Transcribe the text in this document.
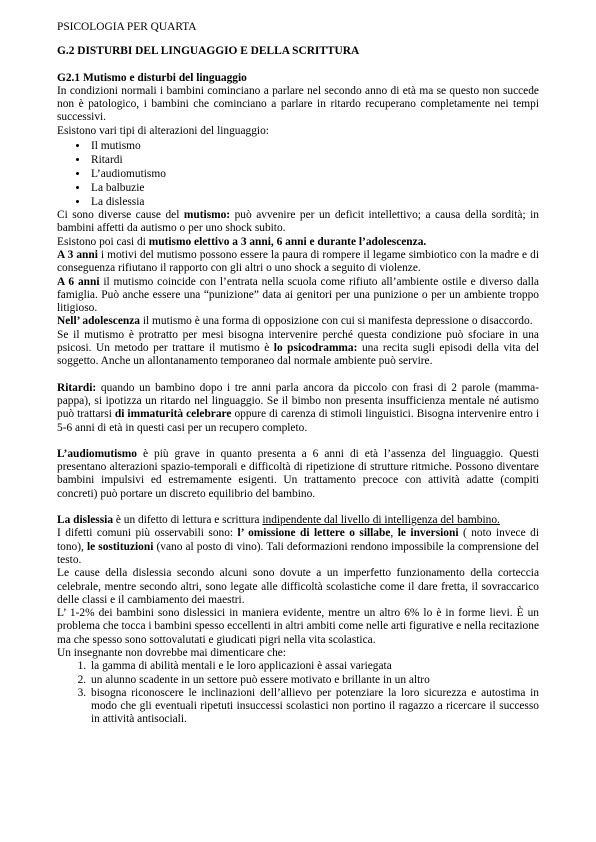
PSICOLOGIA PER QUARTA

G.2 DISTURBI DEL LINGUAGGIO E DELLA SCRITTURA

G2.1 Mutismo e disturbi del linguaggio

In condizioni normali i bambini cominciano a parlare nel secondo anno di età ma se questo non succede non è patologico, i bambini che cominciano a parlare in ritardo recuperano completamente nei tempi successivi.

Esistono vari tipi di alterazioni del linguaggio:

• Il mutismo
• Ritardi
• L’audiomutismo
• La balbuzie
• La dislessia

Ci sono diverse cause del mutismo: può avvenire per un deficit intellettivo; a causa della sordità; in bambini affetti da autismo o per uno shock subito.

Esistono poi casi di mutismo elettivo a 3 anni, 6 anni e durante l’adolescenza.

A 3 anni i motivi del mutismo possono essere la paura di rompere il legame simbiotico con la madre e di conseguenza rifiutano il rapporto con gli altri o uno shock a seguito di violenze.

A 6 anni il mutismo coincide con l’entrata nella scuola come rifiuto all’ambiente ostile e diverso dalla famiglia. Può anche essere una “punizione” data ai genitori per una punizione o per un ambiente troppo litigioso.

Nell’ adolescenza il mutismo è una forma di opposizione con cui si manifesta depressione o disaccordo.

Se il mutismo è protratto per mesi bisogna intervenire perché questa condizione può sfociare in una psicosi. Un metodo per trattare il mutismo è lo psicodramma: una recita sugli episodi della vita del soggetto. Anche un allontanamento temporaneo dal normale ambiente può servire.

Ritardi: quando un bambino dopo i tre anni parla ancora da piccolo con frasi di 2 parole (mamma-pappa), si ipotizza un ritardo nel linguaggio. Se il bimbo non presenta insufficienza mentale né autismo può trattarsi di immaturità celebrare oppure di carenza di stimoli linguistici. Bisogna intervenire entro i 5-6 anni di età in questi casi per un recupero completo.

L’audiomutismo è più grave in quanto presenta a 6 anni di età l’assenza del linguaggio. Questi presentano alterazioni spazio-temporali e difficoltà di ripetizione di strutture ritmiche. Possono diventare bambini impulsivi ed estremamente esigenti. Un trattamento precoce con attività adatte (compiti concreti) può portare un discreto equilibrio del bambino.

La dislessia è un difetto di lettura e scrittura indipendente dal livello di intelligenza del bambino.

I difetti comuni più osservabili sono: l’ omissione di lettere o sillabe, le inversioni ( noto invece di tono), le sostituzioni (vano al posto di vino). Tali deformazioni rendono impossibile la comprensione del testo.

Le cause della dislessia secondo alcuni sono dovute a un imperfetto funzionamento della corteccia celebrale, mentre secondo altri, sono legate alle difficoltà scolastiche come il dare fretta, il sovraccarico delle classi e il cambiamento dei maestri.

L’ 1-2% dei bambini sono dislessici in maniera evidente, mentre un altro 6% lo è in forme lievi. È un problema che tocca i bambini spesso eccellenti in altri ambiti come nelle arti figurative e nella recitazione ma che spesso sono sottovalutati e giudicati pigri nella vita scolastica.

Un insegnante non dovrebbe mai dimenticare che:

1. la gamma di abilità mentali e le loro applicazioni è assai variegata
2. un alunno scadente in un settore può essere motivato e brillante in un altro
3. bisogna riconoscere le inclinazioni dell’allievo per potenziare la loro sicurezza e autostima in modo che gli eventuali ripetuti insuccessi scolastici non portino il ragazzo a ricercare il successo in attività antisociali.
